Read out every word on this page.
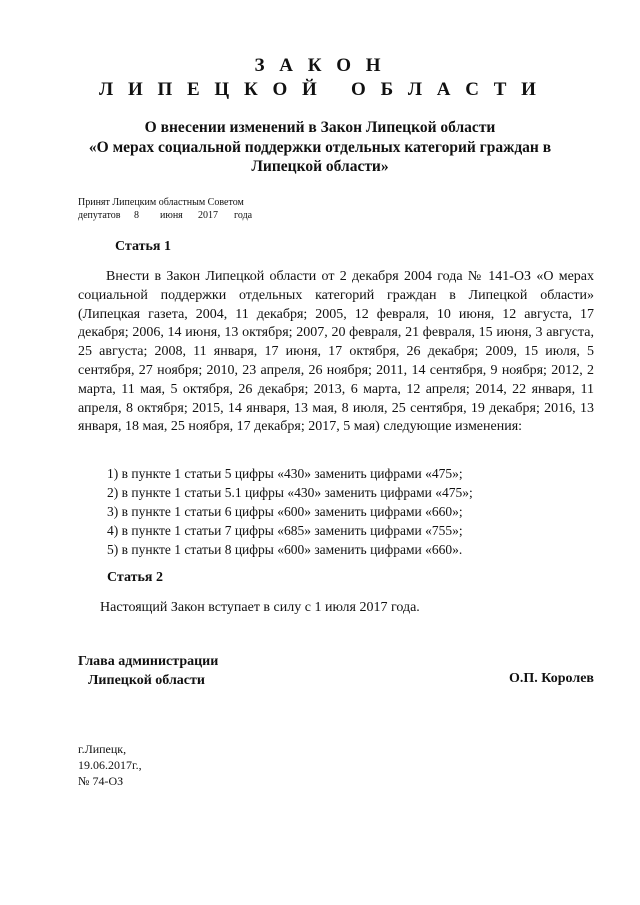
З А К О Н
Л И П Е Ц К О Й   О Б Л А С Т И
О внесении изменений в Закон Липецкой области
«О мерах социальной поддержки отдельных категорий граждан в Липецкой области»
Принят Липецким областным Советом
депутатов 8 июня 2017 года
Статья 1
Внести в Закон Липецкой области от 2 декабря 2004 года № 141-ОЗ «О мерах социальной поддержки отдельных категорий граждан в Липецкой области» (Липецкая газета, 2004, 11 декабря; 2005, 12 февраля, 10 июня, 12 августа, 17 декабря; 2006, 14 июня, 13 октября; 2007, 20 февраля, 21 февраля, 15 июня, 3 августа, 25 августа; 2008, 11 января, 17 июня, 17 октября, 26 декабря; 2009, 15 июля, 5 сентября, 27 ноября; 2010, 23 апреля, 26 ноября; 2011, 14 сентября, 9 ноября; 2012, 2 марта, 11 мая, 5 октября, 26 декабря; 2013, 6 марта, 12 апреля; 2014, 22 января, 11 апреля, 8 октября; 2015, 14 января, 13 мая, 8 июля, 25 сентября, 19 декабря; 2016, 13 января, 18 мая, 25 ноября, 17 декабря; 2017, 5 мая) следующие изменения:
1) в пункте 1 статьи 5 цифры «430» заменить цифрами «475»;
2) в пункте 1 статьи 5.1 цифры «430» заменить цифрами «475»;
3) в пункте 1 статьи 6 цифры «600» заменить цифрами «660»;
4) в пункте 1 статьи 7 цифры «685» заменить цифрами «755»;
5) в пункте 1 статьи 8 цифры «600» заменить цифрами «660».
Статья 2
Настоящий Закон вступает в силу с 1 июля 2017 года.
Глава администрации
Липецкой области	О.П. Королев
г.Липецк,
19.06.2017г.,
№ 74-ОЗ
